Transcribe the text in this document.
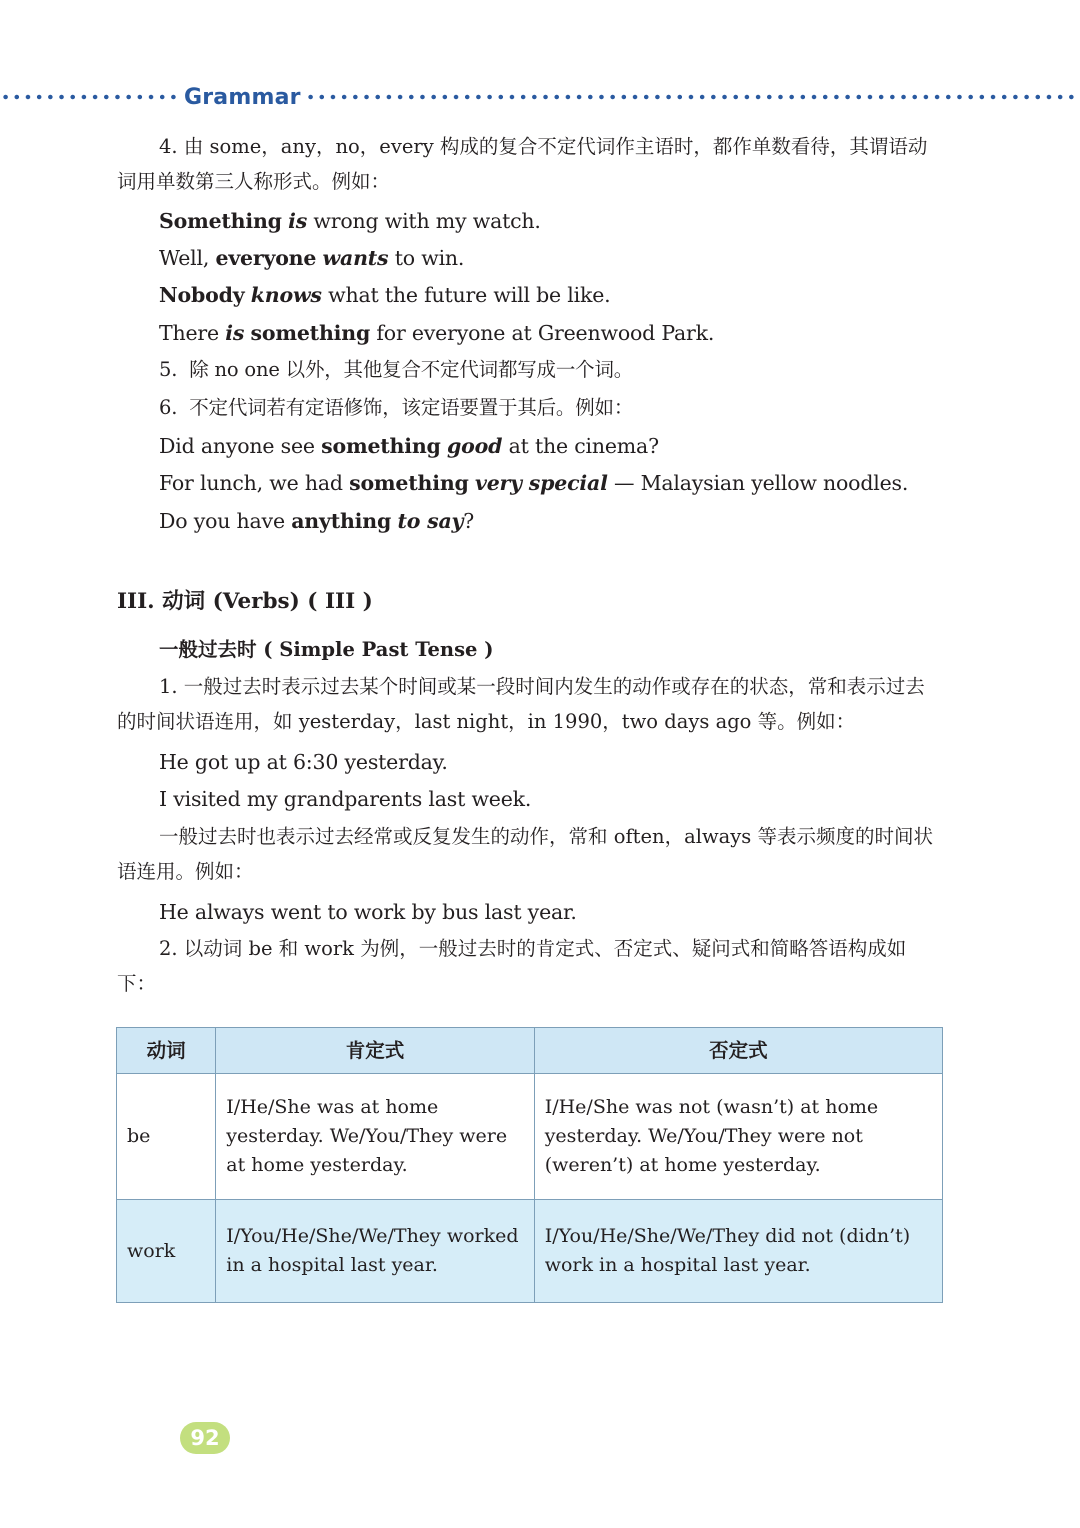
Grammar
4. 由 some，any，no，every 构成的复合不定代词作主语时，都作单数看待，其谓语动词用单数第三人称形式。例如：
Something is wrong with my watch.
Well, everyone wants to win.
Nobody knows what the future will be like.
There is something for everyone at Greenwood Park.
5. 除 no one 以外，其他复合不定代词都写成一个词。
6. 不定代词若有定语修饰，该定语要置于其后。例如：
Did anyone see something good at the cinema?
For lunch, we had something very special — Malaysian yellow noodles.
Do you have anything to say?
III. 动词 (Verbs) ( III )
一般过去时 ( Simple Past Tense )
1. 一般过去时表示过去某个时间或某一段时间内发生的动作或存在的状态，常和表示过去的时间状语连用，如 yesterday，last night，in 1990，two days ago 等。例如：
He got up at 6:30 yesterday.
I visited my grandparents last week.
一般过去时也表示过去经常或反复发生的动作，常和 often，always 等表示频度的时间状语连用。例如：
He always went to work by bus last year.
2. 以动词 be 和 work 为例，一般过去时的肯定式、否定式、疑问式和简略答语构成如下：
动词	肯定式	否定式
be	I/He/She was at home yesterday. We/You/They were at home yesterday.	I/He/She was not (wasn’t) at home yesterday. We/You/They were not (weren’t) at home yesterday.
work	I/You/He/She/We/They worked in a hospital last year.	I/You/He/She/We/They did not (didn’t) work in a hospital last year.
92
